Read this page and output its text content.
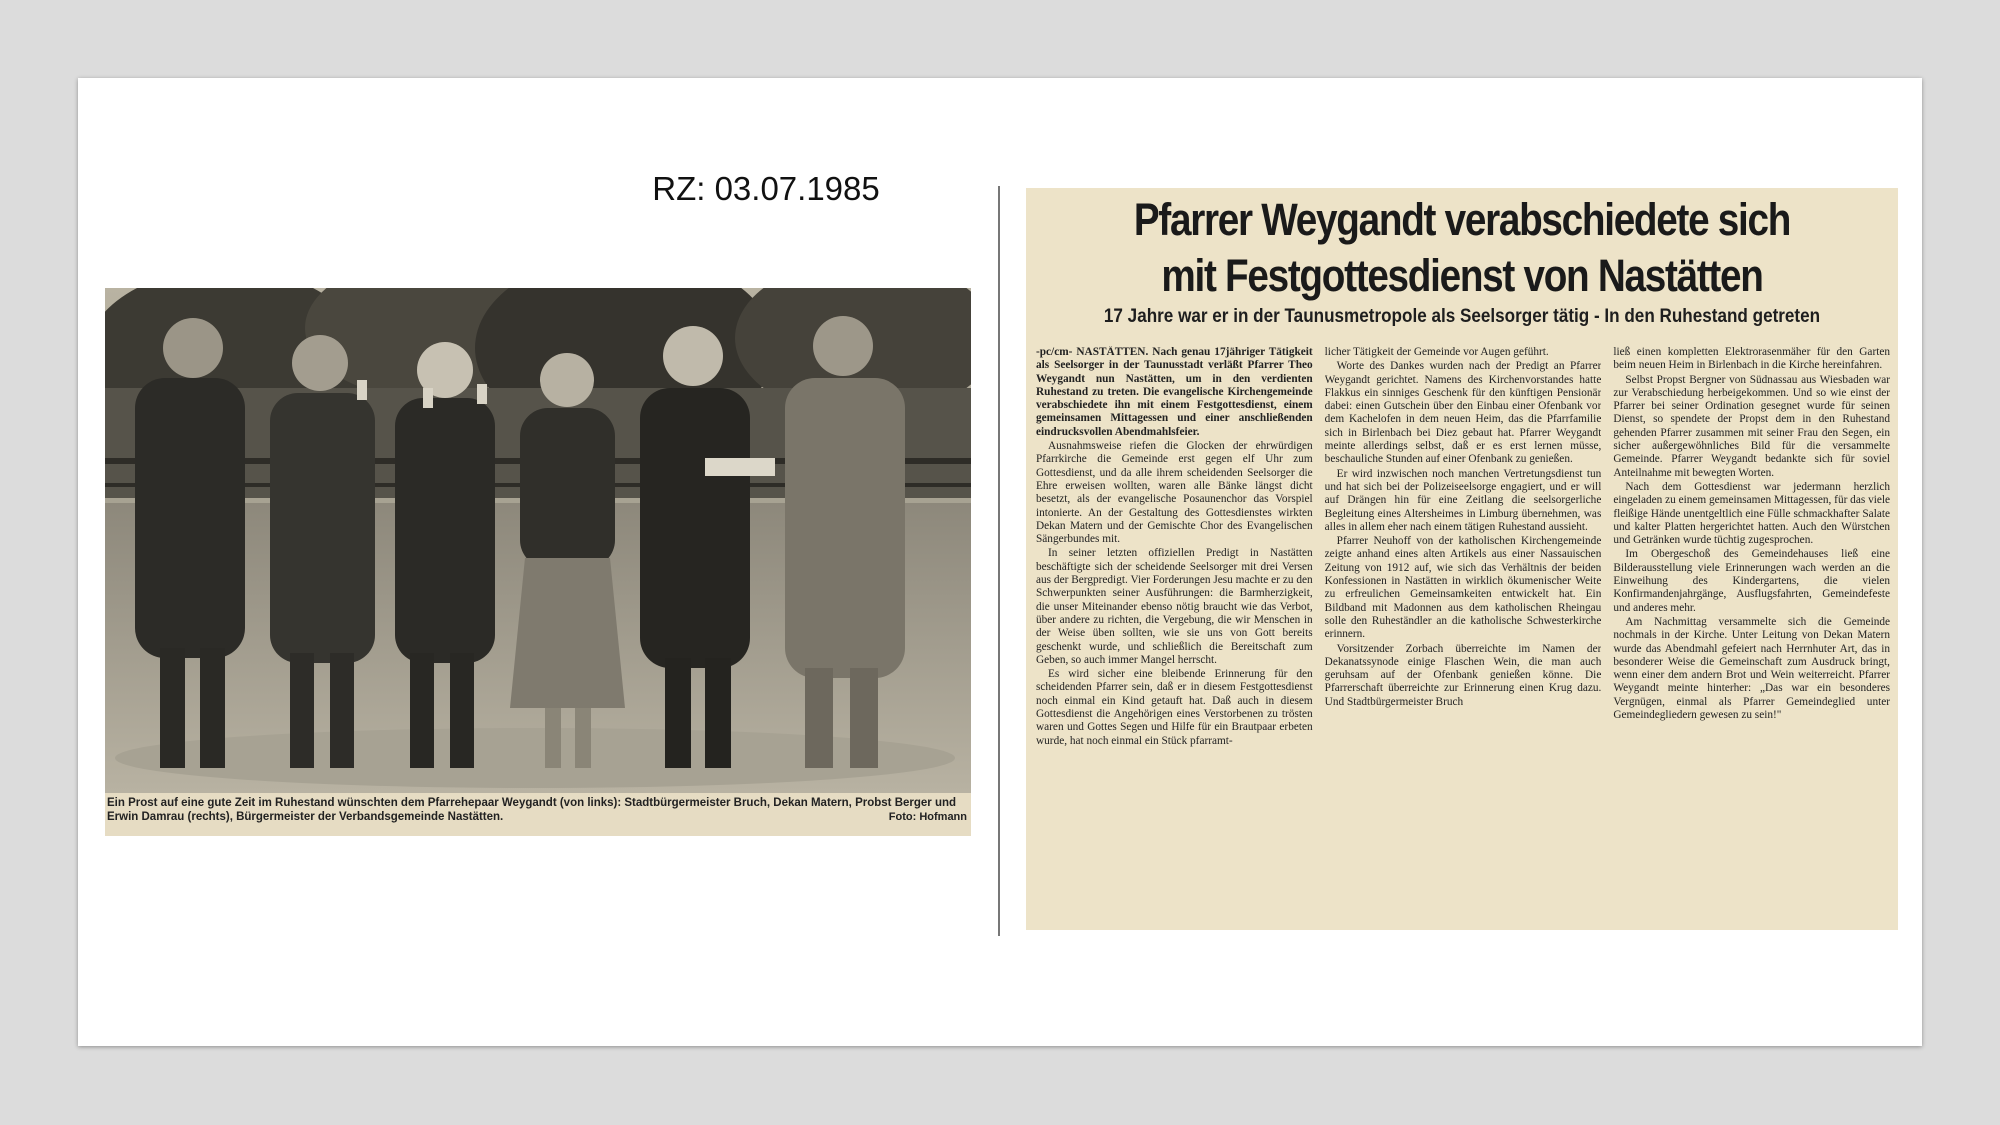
RZ: 03.07.1985
Ein Prost auf eine gute Zeit im Ruhestand wünschten dem Pfarrehepaar Weygandt (von links): Stadtbürgermeister Bruch, Dekan Matern, Probst Berger und Erwin Damrau (rechts), Bürgermeister der Verbandsgemeinde Nastätten.	Foto: Hofmann
Pfarrer Weygandt verabschiedete sich
mit Festgottesdienst von Nastätten
17 Jahre war er in der Taunusmetropole als Seelsorger tätig - In den Ruhestand getreten

-pc/cm- NASTÄTTEN. Nach genau 17jähriger Tätigkeit als Seelsorger in der Taunusstadt verläßt Pfarrer Theo Weygandt nun Nastätten, um in den verdienten Ruhestand zu treten. Die evangelische Kirchengemeinde verabschiedete ihn mit einem Festgottesdienst, einem gemeinsamen Mittagessen und einer anschließenden eindrucksvollen Abendmahlsfeier.

Ausnahmsweise riefen die Glocken der ehrwürdigen Pfarrkirche die Gemeinde erst gegen elf Uhr zum Gottesdienst, und da alle ihrem scheidenden Seelsorger die Ehre erweisen wollten, waren alle Bänke längst dicht besetzt, als der evangelische Posaunenchor das Vorspiel intonierte. An der Gestaltung des Gottesdienstes wirkten Dekan Matern und der Gemischte Chor des Evangelischen Sängerbundes mit.

In seiner letzten offiziellen Predigt in Nastätten beschäftigte sich der scheidende Seelsorger mit drei Versen aus der Bergpredigt. Vier Forderungen Jesu machte er zu den Schwerpunkten seiner Ausführungen: die Barmherzigkeit, die unser Miteinander ebenso nötig braucht wie das Verbot, über andere zu richten, die Vergebung, die wir Menschen in der Weise üben sollten, wie sie uns von Gott bereits geschenkt wurde, und schließlich die Bereitschaft zum Geben, so auch immer Mangel herrscht.

Es wird sicher eine bleibende Erinnerung für den scheidenden Pfarrer sein, daß er in diesem Festgottesdienst noch einmal ein Kind getauft hat. Daß auch in diesem Gottesdienst die Angehörigen eines Verstorbenen zu trösten waren und Gottes Segen und Hilfe für ein Brautpaar erbeten wurde, hat noch einmal ein Stück pfarramt-

licher Tätigkeit der Gemeinde vor Augen geführt.

Worte des Dankes wurden nach der Predigt an Pfarrer Weygandt gerichtet. Namens des Kirchenvorstandes hatte Flakkus ein sinniges Geschenk für den künftigen Pensionär dabei: einen Gutschein über den Einbau einer Ofenbank vor dem Kachelofen in dem neuen Heim, das die Pfarrfamilie sich in Birlenbach bei Diez gebaut hat. Pfarrer Weygandt meinte allerdings selbst, daß er es erst lernen müsse, beschauliche Stunden auf einer Ofenbank zu genießen.

Er wird inzwischen noch manchen Vertretungsdienst tun und hat sich bei der Polizeiseelsorge engagiert, und er will auf Drängen hin für eine Zeitlang die seelsorgerliche Begleitung eines Altersheimes in Limburg übernehmen, was alles in allem eher nach einem tätigen Ruhestand aussieht.

Pfarrer Neuhoff von der katholischen Kirchengemeinde zeigte anhand eines alten Artikels aus einer Nassauischen Zeitung von 1912 auf, wie sich das Verhältnis der beiden Konfessionen in Nastätten in wirklich ökumenischer Weite zu erfreulichen Gemeinsamkeiten entwickelt hat. Ein Bildband mit Madonnen aus dem katholischen Rheingau solle den Ruheständler an die katholische Schwesterkirche erinnern.

Vorsitzender Zorbach überreichte im Namen der Dekanatssynode einige Flaschen Wein, die man auch geruhsam auf der Ofenbank genießen könne. Die Pfarrerschaft überreichte zur Erinnerung einen Krug dazu. Und Stadtbürgermeister Bruch

ließ einen kompletten Elektrorasenmäher für den Garten beim neuen Heim in Birlenbach in die Kirche hereinfahren.

Selbst Propst Bergner von Südnassau aus Wiesbaden war zur Verabschiedung herbeigekommen. Und so wie einst der Pfarrer bei seiner Ordination gesegnet wurde für seinen Dienst, so spendete der Propst dem in den Ruhestand gehenden Pfarrer zusammen mit seiner Frau den Segen, ein sicher außergewöhnliches Bild für die versammelte Gemeinde. Pfarrer Weygandt bedankte sich für soviel Anteilnahme mit bewegten Worten.

Nach dem Gottesdienst war jedermann herzlich eingeladen zu einem gemeinsamen Mittagessen, für das viele fleißige Hände unentgeltlich eine Fülle schmackhafter Salate und kalter Platten hergerichtet hatten. Auch den Würstchen und Getränken wurde tüchtig zugesprochen.

Im Obergeschoß des Gemeindehauses ließ eine Bilderausstellung viele Erinnerungen wach werden an die Einweihung des Kindergartens, die vielen Konfirmandenjahrgänge, Ausflugsfahrten, Gemeindefeste und anderes mehr.

Am Nachmittag versammelte sich die Gemeinde nochmals in der Kirche. Unter Leitung von Dekan Matern wurde das Abendmahl gefeiert nach Herrnhuter Art, das in besonderer Weise die Gemeinschaft zum Ausdruck bringt, wenn einer dem andern Brot und Wein weiterreicht. Pfarrer Weygandt meinte hinterher: „Das war ein besonderes Vergnügen, einmal als Pfarrer Gemeindeglied unter Gemeindegliedern gewesen zu sein!"
